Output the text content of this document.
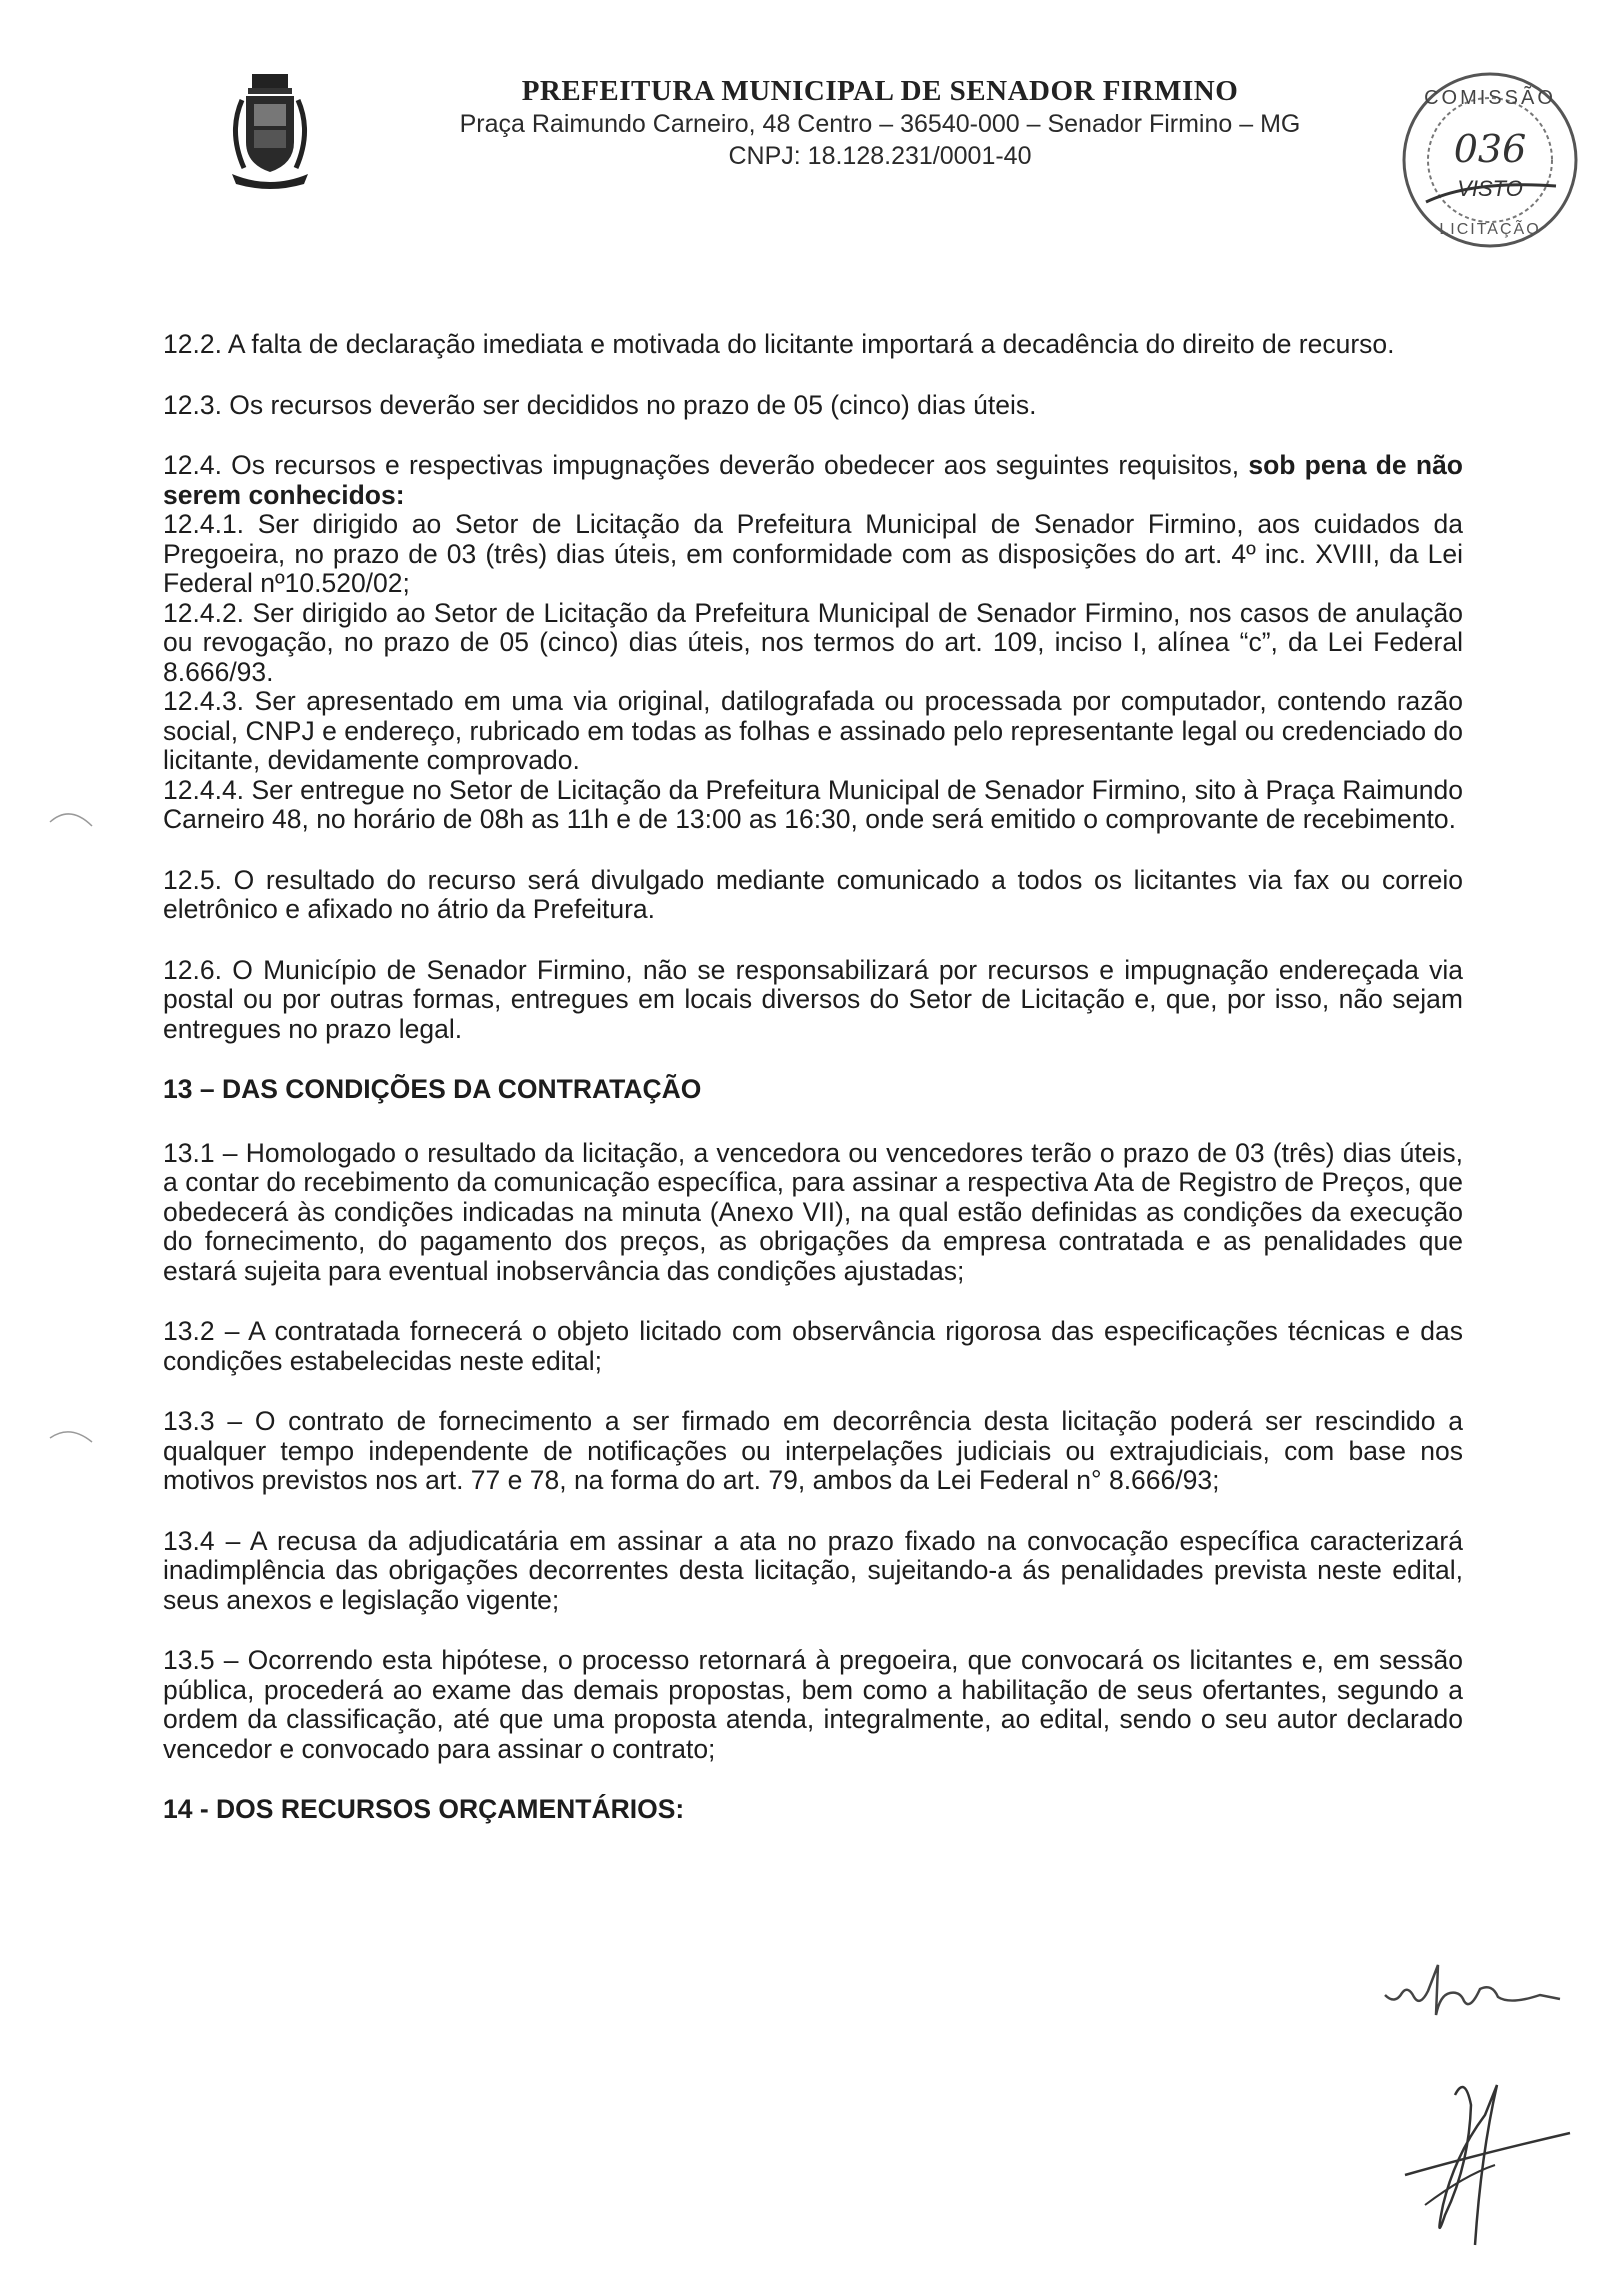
PREFEITURA MUNICIPAL DE SENADOR FIRMINO
Praça Raimundo Carneiro, 48 Centro – 36540-000 – Senador Firmino – MG
CNPJ: 18.128.231/0001-40
COMISSÃO
036
VISTO
LICITAÇÃO

12.2. A falta de declaração imediata e motivada do licitante importará a decadência do direito de recurso.

12.3. Os recursos deverão ser decididos no prazo de 05 (cinco) dias úteis.

12.4. Os recursos e respectivas impugnações deverão obedecer aos seguintes requisitos, sob pena de não serem conhecidos:

12.4.1. Ser dirigido ao Setor de Licitação da Prefeitura Municipal de Senador Firmino, aos cuidados da Pregoeira, no prazo de 03 (três) dias úteis, em conformidade com as disposições do art. 4º inc. XVIII, da Lei Federal nº10.520/02;

12.4.2. Ser dirigido ao Setor de Licitação da Prefeitura Municipal de Senador Firmino, nos casos de anulação ou revogação, no prazo de 05 (cinco) dias úteis, nos termos do art. 109, inciso I, alínea “c”, da Lei Federal 8.666/93.

12.4.3. Ser apresentado em uma via original, datilografada ou processada por computador, contendo razão social, CNPJ e endereço, rubricado em todas as folhas e assinado pelo representante legal ou credenciado do licitante, devidamente comprovado.

12.4.4. Ser entregue no Setor de Licitação da Prefeitura Municipal de Senador Firmino, sito à Praça Raimundo Carneiro 48, no horário de 08h as 11h e de 13:00 as 16:30, onde será emitido o comprovante de recebimento.

12.5. O resultado do recurso será divulgado mediante comunicado a todos os licitantes via fax ou correio eletrônico e afixado no átrio da Prefeitura.

12.6. O Município de Senador Firmino, não se responsabilizará por recursos e impugnação endereçada via postal ou por outras formas, entregues em locais diversos do Setor de Licitação e, que, por isso, não sejam entregues no prazo legal.

13 – DAS CONDIÇÕES DA CONTRATAÇÃO

13.1 – Homologado o resultado da licitação, a vencedora ou vencedores terão o prazo de 03 (três) dias úteis, a contar do recebimento da comunicação específica, para assinar a respectiva Ata de Registro de Preços, que obedecerá às condições indicadas na minuta (Anexo VII), na qual estão definidas as condições da execução do fornecimento, do pagamento dos preços, as obrigações da empresa contratada e as penalidades que estará sujeita para eventual inobservância das condições ajustadas;

13.2 – A contratada fornecerá o objeto licitado com observância rigorosa das especificações técnicas e das condições estabelecidas neste edital;

13.3 – O contrato de fornecimento a ser firmado em decorrência desta licitação poderá ser rescindido a qualquer tempo independente de notificações ou interpelações judiciais ou extrajudiciais, com base nos motivos previstos nos art. 77 e 78, na forma do art. 79, ambos da Lei Federal n° 8.666/93;

13.4 – A recusa da adjudicatária em assinar a ata no prazo fixado na convocação específica caracterizará inadimplência das obrigações decorrentes desta licitação, sujeitando-a ás penalidades prevista neste edital, seus anexos e legislação vigente;

13.5 – Ocorrendo esta hipótese, o processo retornará à pregoeira, que convocará os licitantes e, em sessão pública, procederá ao exame das demais propostas, bem como a habilitação de seus ofertantes, segundo a ordem da classificação, até que uma proposta atenda, integralmente, ao edital, sendo o seu autor declarado vencedor e convocado para assinar o contrato;

14 - DOS RECURSOS ORÇAMENTÁRIOS:
